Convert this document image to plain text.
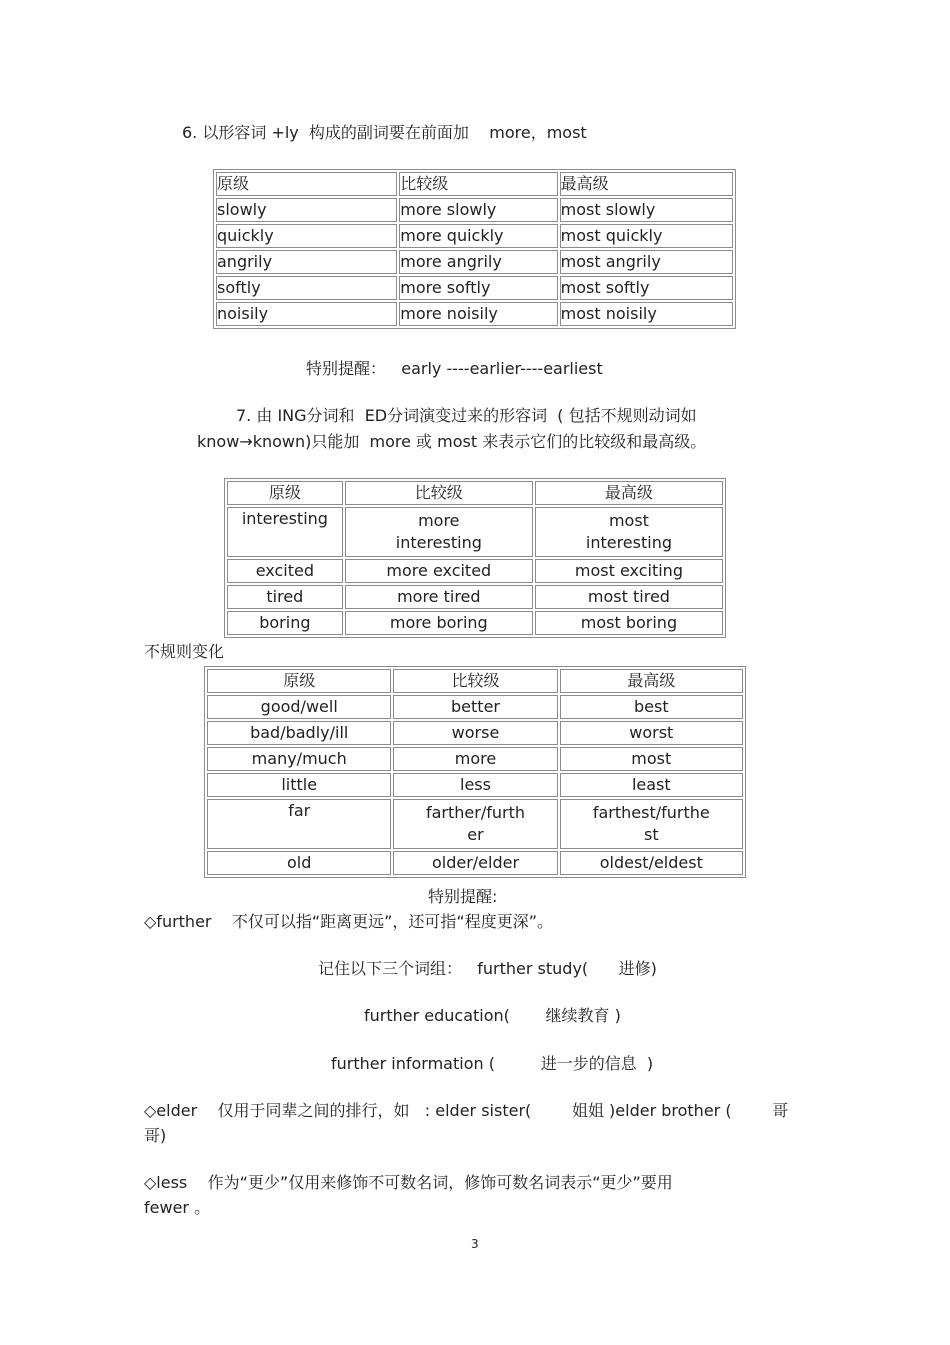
6. 以形容词 +ly  构成的副词要在前面加    more，most
原级	比较级	最高级
slowly	more slowly	most slowly
quickly	more quickly	most quickly
angrily	more angrily	most angrily
softly	more softly	most softly
noisily	more noisily	most noisily
特别提醒：   early ----earlier----earliest
7. 由 ING分词和  ED分词演变过来的形容词  ( 包括不规则动词如
know→known)只能加  more 或 most 来表示它们的比较级和最高级。
原级	比较级	最高级
interesting	more interesting	most interesting
excited	more excited	most exciting
tired	more tired	most tired
boring	more boring	most boring
不规则变化
原级	比较级	最高级
good/well	better	best
bad/badly/ill	worse	worst
many/much	more	most
little	less	least
far	farther/further	farthest/furthest
old	older/elder	oldest/eldest
特别提醒:
◇further    不仅可以指“距离更远”，还可指“程度更深”。
记住以下三个词组：   further study(      进修)
further education(       继续教育 )
further information (         进一步的信息  )
◇elder    仅用于同辈之间的排行，如   : elder sister(        姐姐 )elder brother (        哥
哥)
◇less    作为“更少”仅用来修饰不可数名词，修饰可数名词表示“更少”要用
fewer 。
3
